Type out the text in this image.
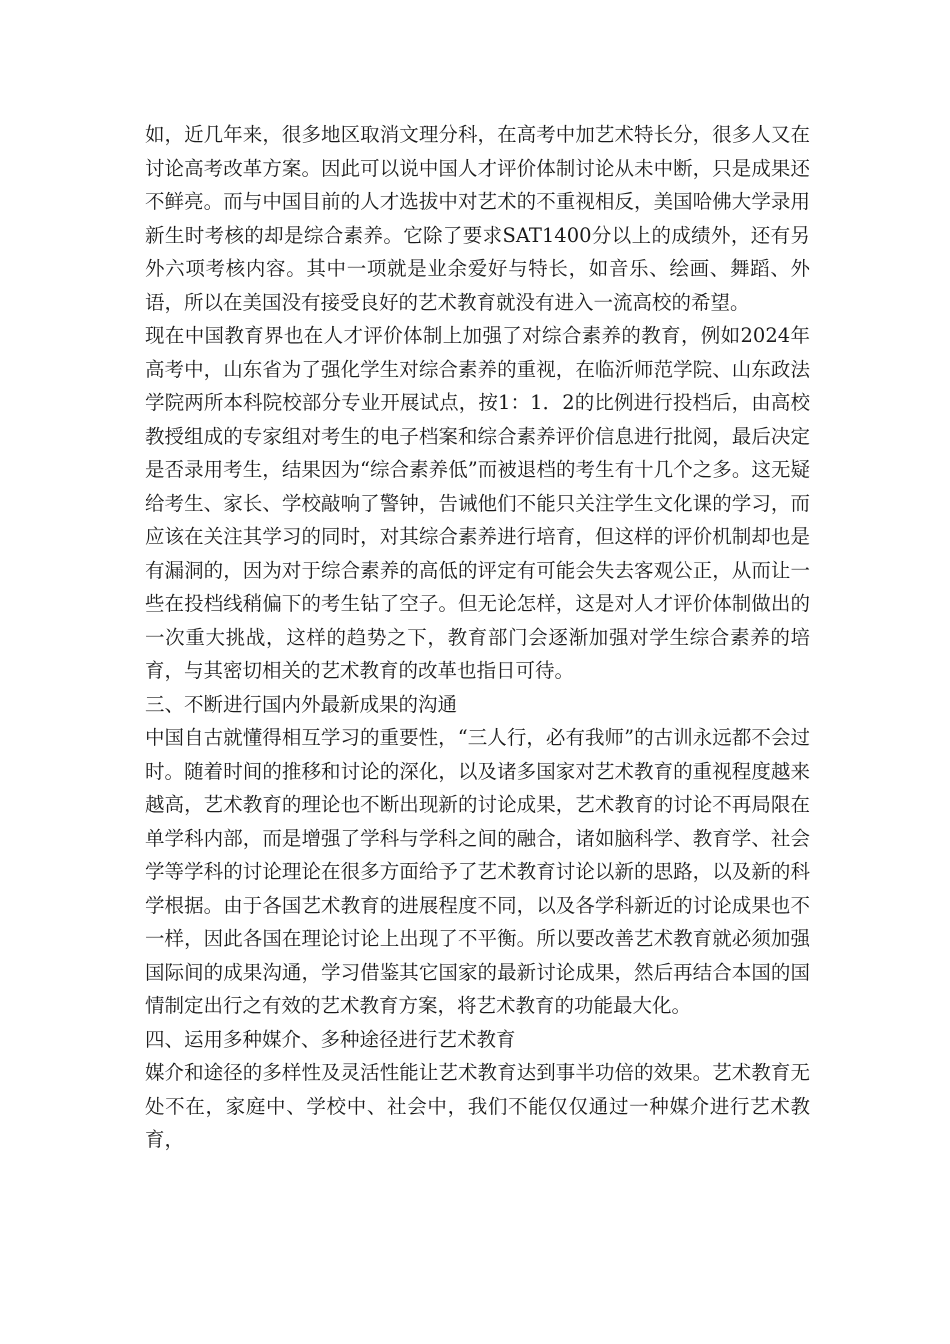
如，近几年来，很多地区取消文理分科，在高考中加艺术特长分，很多人又在讨论高考改革方案。因此可以说中国人才评价体制讨论从未中断，只是成果还不鲜亮。而与中国目前的人才选拔中对艺术的不重视相反，美国哈佛大学录用新生时考核的却是综合素养。它除了要求SAT1400分以上的成绩外，还有另外六项考核内容。其中一项就是业余爱好与特长，如音乐、绘画、舞蹈、外语，所以在美国没有接受良好的艺术教育就没有进入一流高校的希望。

现在中国教育界也在人才评价体制上加强了对综合素养的教育，例如2024年高考中，山东省为了强化学生对综合素养的重视，在临沂师范学院、山东政法学院两所本科院校部分专业开展试点，按1：1．2的比例进行投档后，由高校教授组成的专家组对考生的电子档案和综合素养评价信息进行批阅，最后决定是否录用考生，结果因为“综合素养低”而被退档的考生有十几个之多。这无疑给考生、家长、学校敲响了警钟，告诫他们不能只关注学生文化课的学习，而应该在关注其学习的同时，对其综合素养进行培育，但这样的评价机制却也是有漏洞的，因为对于综合素养的高低的评定有可能会失去客观公正，从而让一些在投档线稍偏下的考生钻了空子。但无论怎样，这是对人才评价体制做出的一次重大挑战，这样的趋势之下，教育部门会逐渐加强对学生综合素养的培育，与其密切相关的艺术教育的改革也指日可待。

三、不断进行国内外最新成果的沟通

中国自古就懂得相互学习的重要性，“三人行，必有我师”的古训永远都不会过时。随着时间的推移和讨论的深化，以及诸多国家对艺术教育的重视程度越来越高，艺术教育的理论也不断出现新的讨论成果，艺术教育的讨论不再局限在单学科内部，而是增强了学科与学科之间的融合，诸如脑科学、教育学、社会学等学科的讨论理论在很多方面给予了艺术教育讨论以新的思路，以及新的科学根据。由于各国艺术教育的进展程度不同，以及各学科新近的讨论成果也不一样，因此各国在理论讨论上出现了不平衡。所以要改善艺术教育就必须加强国际间的成果沟通，学习借鉴其它国家的最新讨论成果，然后再结合本国的国情制定出行之有效的艺术教育方案，将艺术教育的功能最大化。

四、运用多种媒介、多种途径进行艺术教育

媒介和途径的多样性及灵活性能让艺术教育达到事半功倍的效果。艺术教育无处不在，家庭中、学校中、社会中，我们不能仅仅通过一种媒介进行艺术教育，
